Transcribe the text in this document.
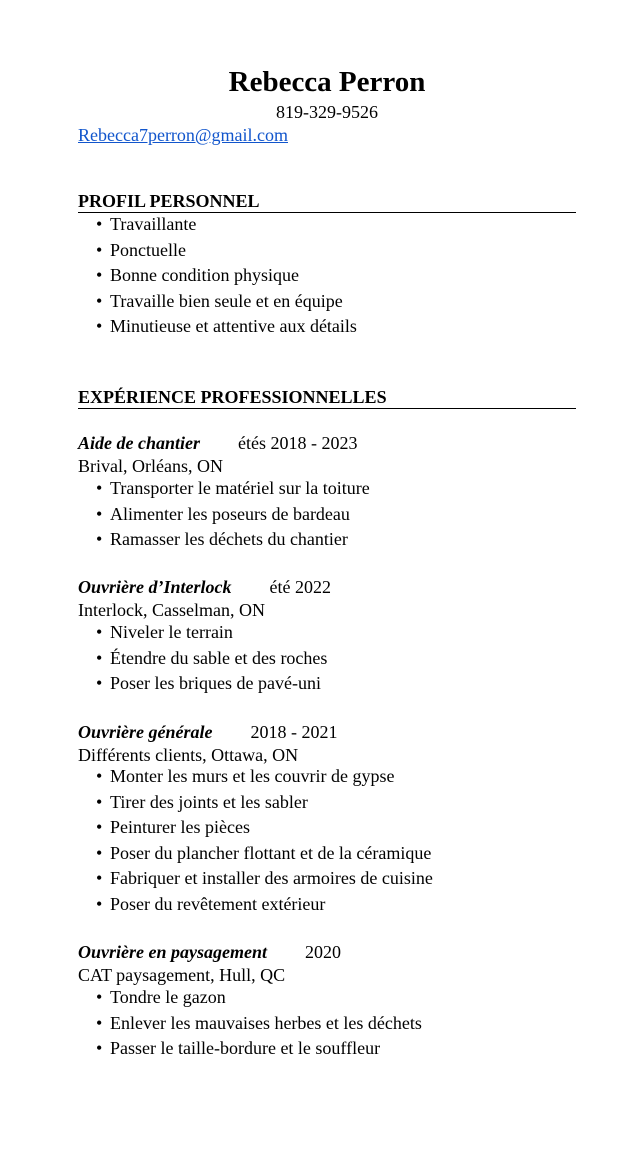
Rebecca Perron
819-329-9526
Rebecca7perron@gmail.com
PROFIL PERSONNEL
• Travaillante
• Ponctuelle
• Bonne condition physique
• Travaille bien seule et en équipe
• Minutieuse et attentive aux détails
EXPÉRIENCE PROFESSIONNELLES
Aide de chantier étés 2018 - 2023
Brival, Orléans, ON
• Transporter le matériel sur la toiture
• Alimenter les poseurs de bardeau
• Ramasser les déchets du chantier
Ouvrière d’Interlock été 2022
Interlock, Casselman, ON
• Niveler le terrain
• Étendre du sable et des roches
• Poser les briques de pavé-uni
Ouvrière générale 2018 - 2021
Différents clients, Ottawa, ON
• Monter les murs et les couvrir de gypse
• Tirer des joints et les sabler
• Peinturer les pièces
• Poser du plancher flottant et de la céramique
• Fabriquer et installer des armoires de cuisine
• Poser du revêtement extérieur
Ouvrière en paysagement 2020
CAT paysagement, Hull, QC
• Tondre le gazon
• Enlever les mauvaises herbes et les déchets
• Passer le taille-bordure et le souffleur
